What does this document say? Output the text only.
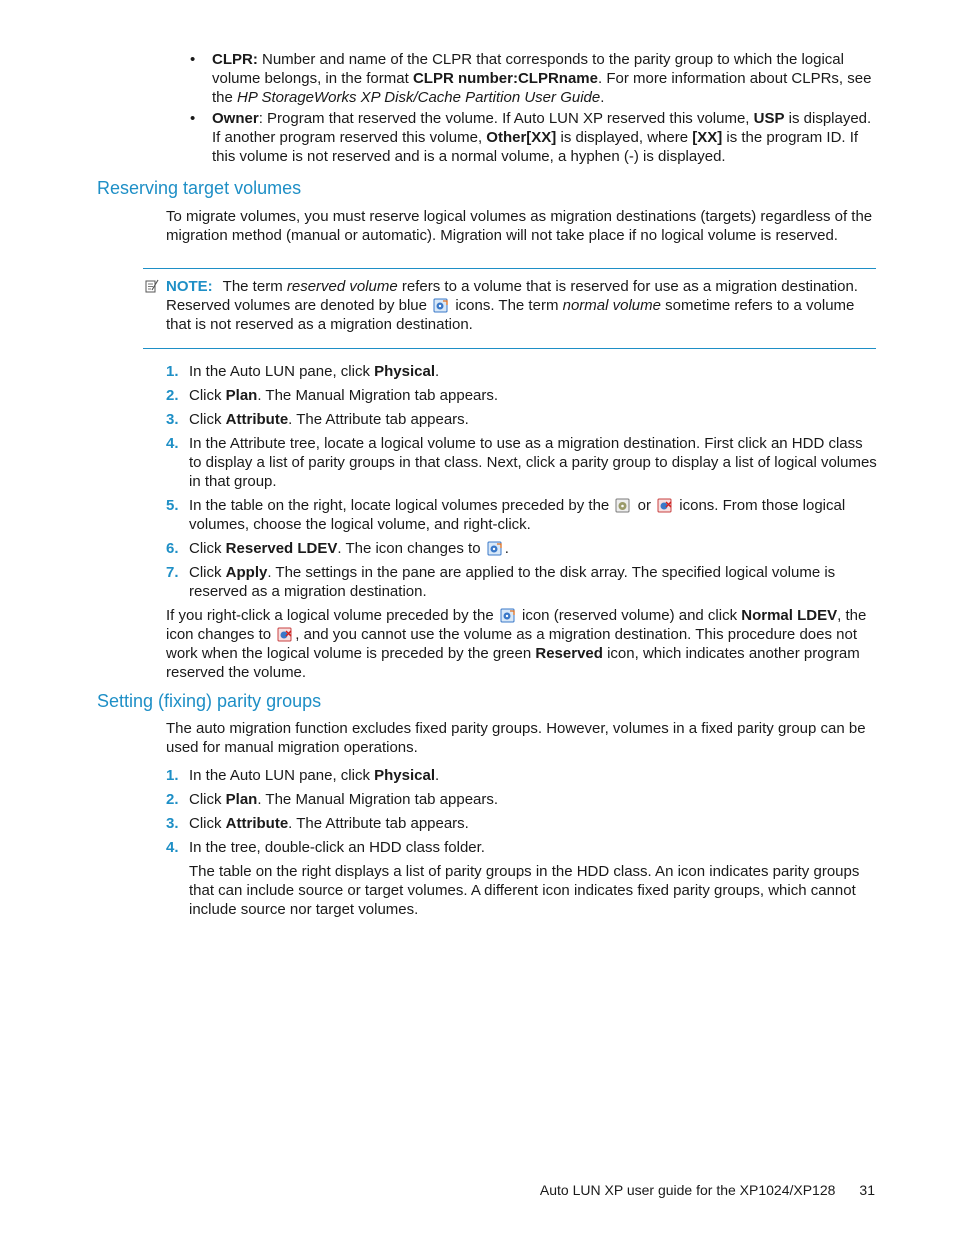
• CLPR: Number and name of the CLPR that corresponds to the parity group to which the logical volume belongs, in the format CLPR number:CLPRname. For more information about CLPRs, see the HP StorageWorks XP Disk/Cache Partition User Guide.
• Owner: Program that reserved the volume. If Auto LUN XP reserved this volume, USP is displayed. If another program reserved this volume, Other[XX] is displayed, where [XX] is the program ID. If this volume is not reserved and is a normal volume, a hyphen (-) is displayed.
Reserving target volumes
To migrate volumes, you must reserve logical volumes as migration destinations (targets) regardless of the migration method (manual or automatic). Migration will not take place if no logical volume is reserved.
NOTE: The term reserved volume refers to a volume that is reserved for use as a migration destination. Reserved volumes are denoted by blue  icons. The term normal volume sometime refers to a volume that is not reserved as a migration destination.
1. In the Auto LUN pane, click Physical.
2. Click Plan. The Manual Migration tab appears.
3. Click Attribute. The Attribute tab appears.
4. In the Attribute tree, locate a logical volume to use as a migration destination. First click an HDD class to display a list of parity groups in that class. Next, click a parity group to display a list of logical volumes in that group.
5. In the table on the right, locate logical volumes preceded by the  or  icons. From those logical volumes, choose the logical volume, and right-click.
6. Click Reserved LDEV. The icon changes to .
7. Click Apply. The settings in the pane are applied to the disk array. The specified logical volume is reserved as a migration destination.
If you right-click a logical volume preceded by the  icon (reserved volume) and click Normal LDEV, the icon changes to , and you cannot use the volume as a migration destination. This procedure does not work when the logical volume is preceded by the green Reserved icon, which indicates another program reserved the volume.
Setting (fixing) parity groups
The auto migration function excludes fixed parity groups. However, volumes in a fixed parity group can be used for manual migration operations.
1. In the Auto LUN pane, click Physical.
2. Click Plan. The Manual Migration tab appears.
3. Click Attribute. The Attribute tab appears.
4. In the tree, double-click an HDD class folder.
The table on the right displays a list of parity groups in the HDD class. An icon indicates parity groups that can include source or target volumes. A different icon indicates fixed parity groups, which cannot include source nor target volumes.
Auto LUN XP user guide for the XP1024/XP128 31
